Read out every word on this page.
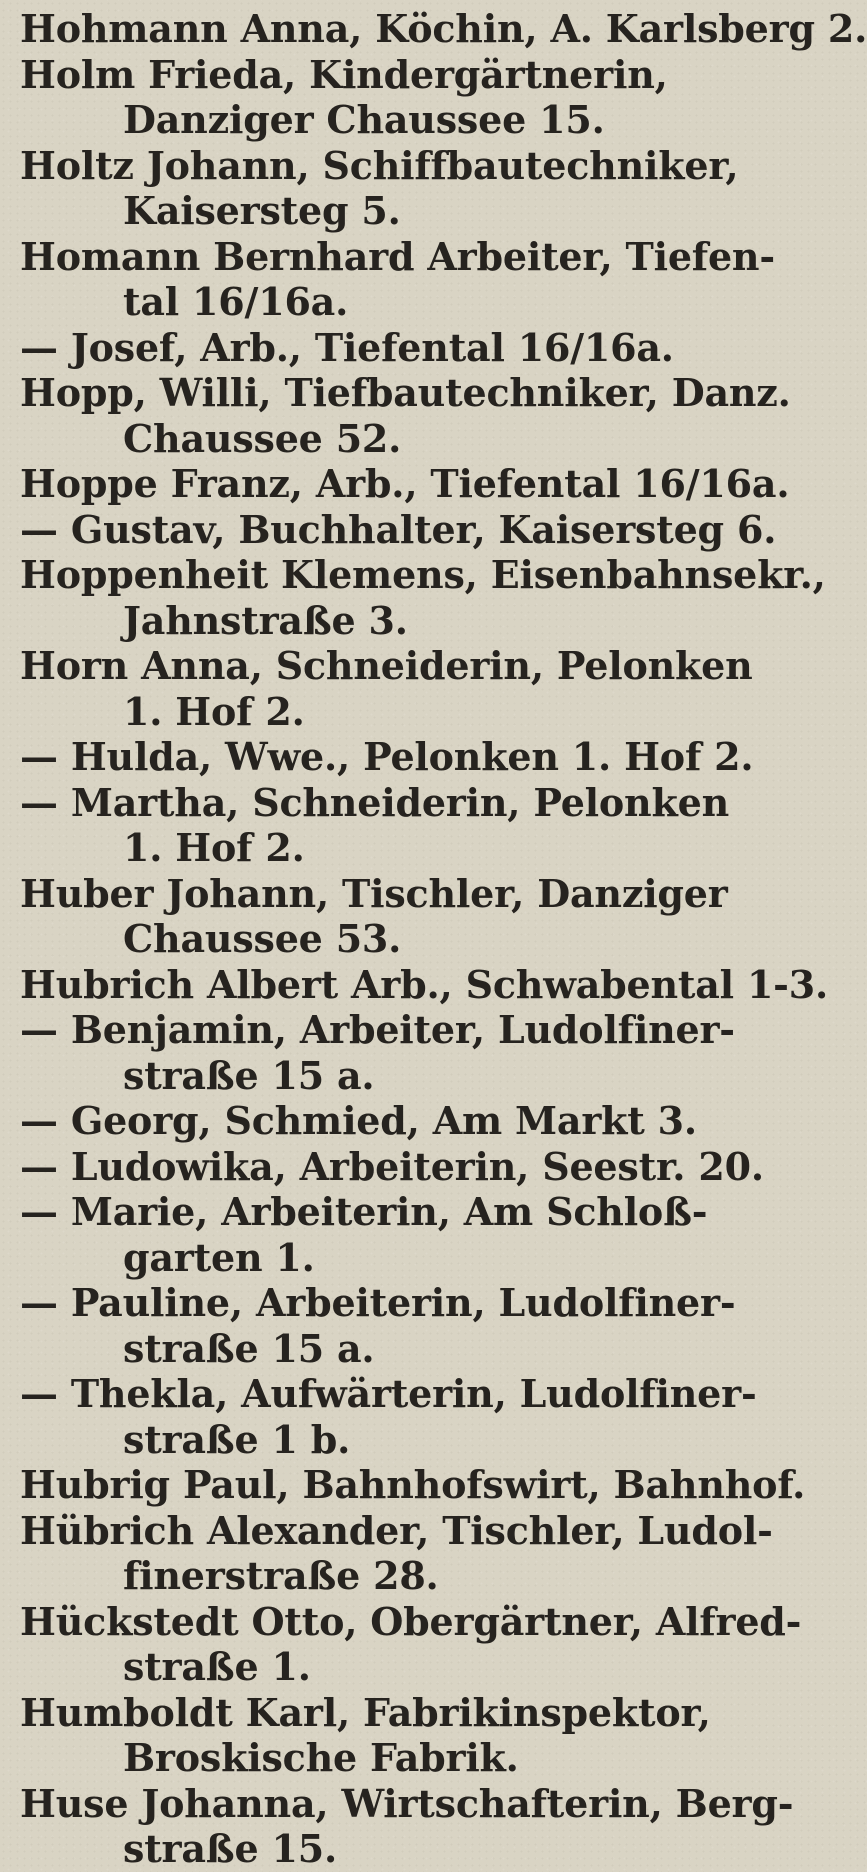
Hohmann Anna, Köchin, A. Karlsberg 2.
Holm Frieda, Kindergärtnerin,
Danziger Chaussee 15.
Holtz Johann, Schiffbautechniker,
Kaisersteg 5.
Homann Bernhard Arbeiter, Tiefen-
tal 16/16a.
— Josef, Arb., Tiefental 16/16a.
Hopp, Willi, Tiefbautechniker, Danz.
Chaussee 52.
Hoppe Franz, Arb., Tiefental 16/16a.
— Gustav, Buchhalter, Kaisersteg 6.
Hoppenheit Klemens, Eisenbahnsekr.,
Jahnstraße 3.
Horn Anna, Schneiderin, Pelonken
1. Hof 2.
— Hulda, Wwe., Pelonken 1. Hof 2.
— Martha, Schneiderin, Pelonken
1. Hof 2.
Huber Johann, Tischler, Danziger
Chaussee 53.
Hubrich Albert Arb., Schwabental 1-3.
— Benjamin, Arbeiter, Ludolfiner-
straße 15 a.
— Georg, Schmied, Am Markt 3.
— Ludowika, Arbeiterin, Seestr. 20.
— Marie, Arbeiterin, Am Schloß-
garten 1.
— Pauline, Arbeiterin, Ludolfiner-
straße 15 a.
— Thekla, Aufwärterin, Ludolfiner-
straße 1 b.
Hubrig Paul, Bahnhofswirt, Bahnhof.
Hübrich Alexander, Tischler, Ludol-
finerstraße 28.
Hückstedt Otto, Obergärtner, Alfred-
straße 1.
Humboldt Karl, Fabrikinspektor,
Broskische Fabrik.
Huse Johanna, Wirtschafterin, Berg-
straße 15.
